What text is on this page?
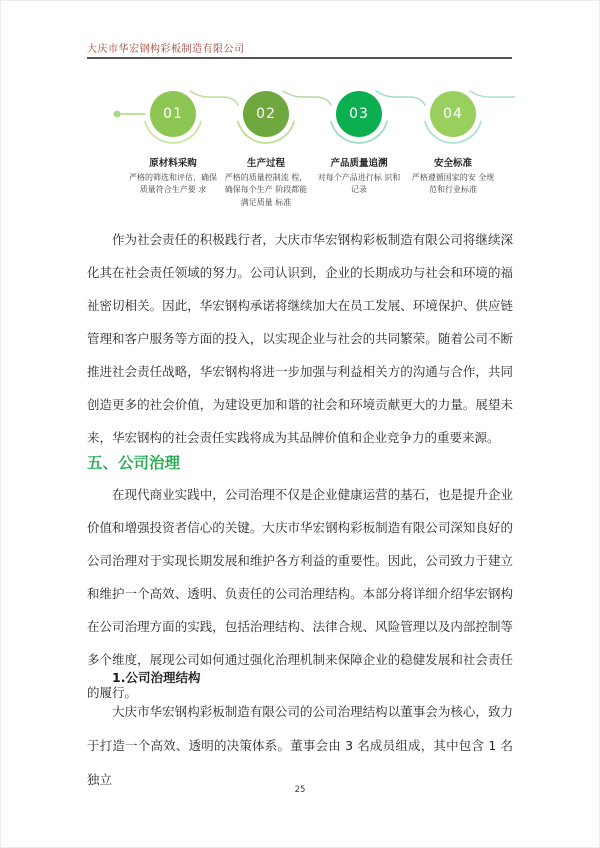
大庆市华宏钢构彩板制造有限公司
01	02	03	04
原材料采购
严格的筛选和评估，确保质量符合生产要 求
生产过程
严格的质量控制流 程，确保每个生产 阶段都能满足质量 标准
产品质量追溯
对每个产品进行标 识和记录
安全标准
严格遵循国家的安 全规范和行业标准

作为社会责任的积极践行者，大庆市华宏钢构彩板制造有限公司将继续深化其在社会责任领域的努力。公司认识到，企业的长期成功与社会和环境的福祉密切相关。因此，华宏钢构承诺将继续加大在员工发展、环境保护、供应链管理和客户服务等方面的投入，以实现企业与社会的共同繁荣。随着公司不断推进社会责任战略，华宏钢构将进一步加强与利益相关方的沟通与合作，共同创造更多的社会价值，为建设更加和谐的社会和环境贡献更大的力量。展望未来，华宏钢构的社会责任实践将成为其品牌价值和企业竞争力的重要来源。

五、公司治理

在现代商业实践中，公司治理不仅是企业健康运营的基石，也是提升企业价值和增强投资者信心的关键。大庆市华宏钢构彩板制造有限公司深知良好的公司治理对于实现长期发展和维护各方利益的重要性。因此，公司致力于建立和维护一个高效、透明、负责任的公司治理结构。本部分将详细介绍华宏钢构在公司治理方面的实践，包括治理结构、法律合规、风险管理以及内部控制等多个维度，展现公司如何通过强化治理机制来保障企业的稳健发展和社会责任的履行。

1.公司治理结构

大庆市华宏钢构彩板制造有限公司的公司治理结构以董事会为核心，致力于打造一个高效、透明的决策体系。董事会由 3 名成员组成，其中包含 1 名独立

25
